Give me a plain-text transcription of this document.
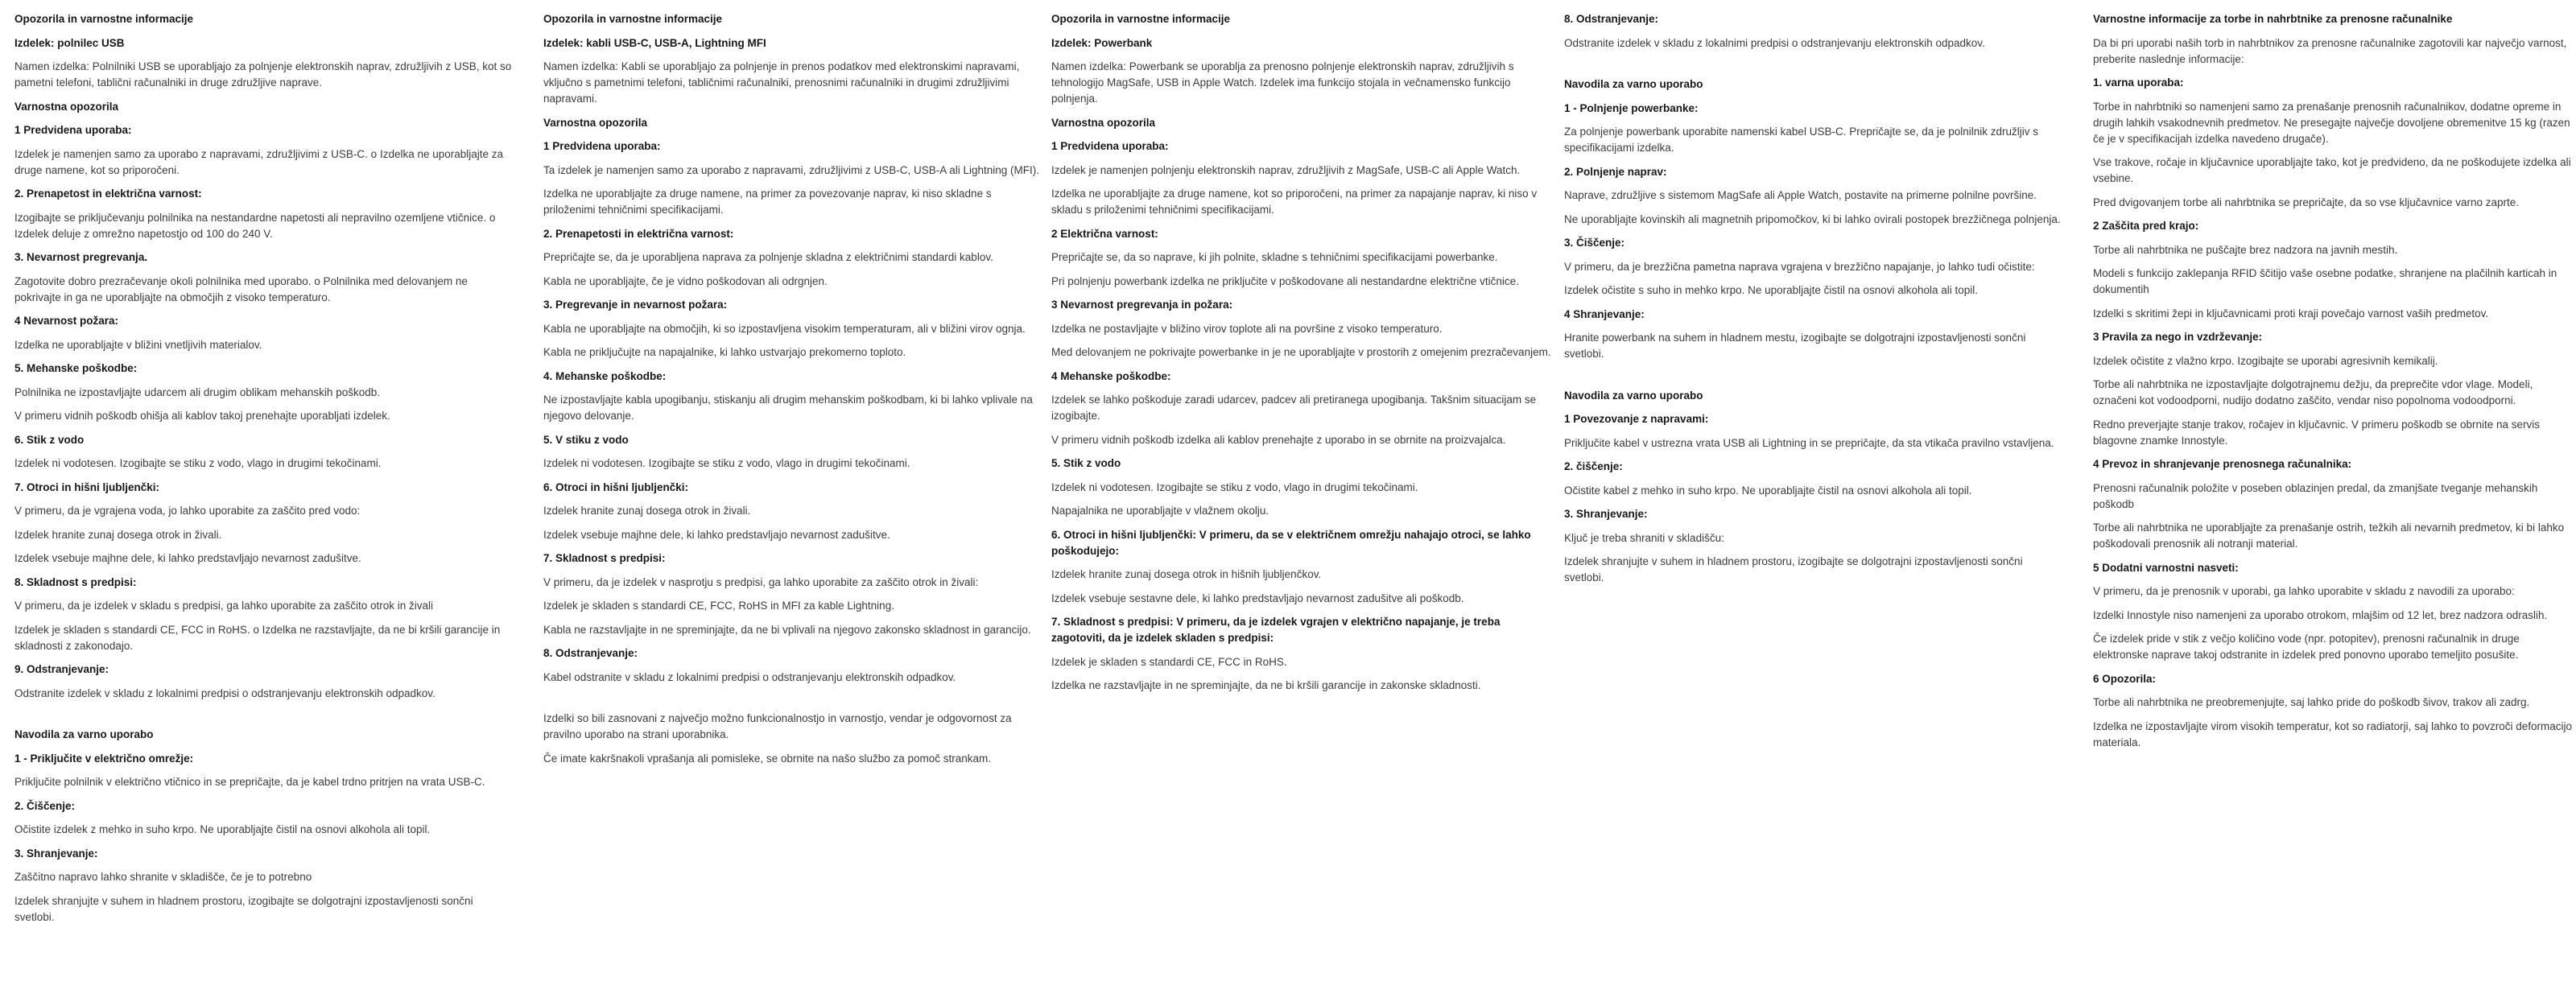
Opozorila in varnostne informacije
Izdelek: polnilec USB
Namen izdelka: Polnilniki USB se uporabljajo za polnjenje elektronskih naprav, združljivih z USB, kot so pametni telefoni, tablični računalniki in druge združljive naprave.
Varnostna opozorila
1 Predvidena uporaba:
Izdelek je namenjen samo za uporabo z napravami, združljivimi z USB-C. o Izdelka ne uporabljajte za druge namene, kot so priporočeni.
2. Prenapetost in električna varnost:
Izogibajte se priključevanju polnilnika na nestandardne napetosti ali nepravilno ozemljene vtičnice. o Izdelek deluje z omrežno napetostjo od 100 do 240 V.
3. Nevarnost pregrevanja.
Zagotovite dobro prezračevanje okoli polnilnika med uporabo. o Polnilnika med delovanjem ne pokrivajte in ga ne uporabljajte na območjih z visoko temperaturo.
4 Nevarnost požara:
Izdelka ne uporabljajte v bližini vnetljivih materialov.
5. Mehanske poškodbe:
Polnilnika ne izpostavljajte udarcem ali drugim oblikam mehanskih poškodb.
V primeru vidnih poškodb ohišja ali kablov takoj prenehajte uporabljati izdelek.
6. Stik z vodo
Izdelek ni vodotesen. Izogibajte se stiku z vodo, vlago in drugimi tekočinami.
7. Otroci in hišni ljubljenčki:
V primeru, da je vgrajena voda, jo lahko uporabite za zaščito pred vodo:
Izdelek hranite zunaj dosega otrok in živali.
Izdelek vsebuje majhne dele, ki lahko predstavljajo nevarnost zadušitve.
8. Skladnost s predpisi:
V primeru, da je izdelek v skladu s predpisi, ga lahko uporabite za zaščito otrok in živali
Izdelek je skladen s standardi CE, FCC in RoHS. o Izdelka ne razstavljajte, da ne bi kršili garancije in skladnosti z zakonodajo.
9. Odstranjevanje:
Odstranite izdelek v skladu z lokalnimi predpisi o odstranjevanju elektronskih odpadkov.
Navodila za varno uporabo
1 - Priključite v električno omrežje:
Priključite polnilnik v električno vtičnico in se prepričajte, da je kabel trdno pritrjen na vrata USB-C.
2. Čiščenje:
Očistite izdelek z mehko in suho krpo. Ne uporabljajte čistil na osnovi alkohola ali topil.
3. Shranjevanje:
Zaščitno napravo lahko shranite v skladišče, če je to potrebno
Izdelek shranjujte v suhem in hladnem prostoru, izogibajte se dolgotrajni izpostavljenosti sončni svetlobi.
Opozorila in varnostne informacije
Izdelek: kabli USB-C, USB-A, Lightning MFI
Namen izdelka: Kabli se uporabljajo za polnjenje in prenos podatkov med elektronskimi napravami, vključno s pametnimi telefoni, tabličnimi računalniki, prenosnimi računalniki in drugimi združljivimi napravami.
Varnostna opozorila
1 Predvidena uporaba:
Ta izdelek je namenjen samo za uporabo z napravami, združljivimi z USB-C, USB-A ali Lightning (MFI).
Izdelka ne uporabljajte za druge namene, na primer za povezovanje naprav, ki niso skladne s priloženimi tehničnimi specifikacijami.
2. Prenapetosti in električna varnost:
Prepričajte se, da je uporabljena naprava za polnjenje skladna z električnimi standardi kablov.
Kabla ne uporabljajte, če je vidno poškodovan ali odrgnjen.
3. Pregrevanje in nevarnost požara:
Kabla ne uporabljajte na območjih, ki so izpostavljena visokim temperaturam, ali v bližini virov ognja.
Kabla ne priključujte na napajalnike, ki lahko ustvarjajo prekomerno toploto.
4. Mehanske poškodbe:
Ne izpostavljajte kabla upogibanju, stiskanju ali drugim mehanskim poškodbam, ki bi lahko vplivale na njegovo delovanje.
5. V stiku z vodo
Izdelek ni vodotesen. Izogibajte se stiku z vodo, vlago in drugimi tekočinami.
6. Otroci in hišni ljubljenčki:
Izdelek hranite zunaj dosega otrok in živali.
Izdelek vsebuje majhne dele, ki lahko predstavljajo nevarnost zadušitve.
7. Skladnost s predpisi:
V primeru, da je izdelek v nasprotju s predpisi, ga lahko uporabite za zaščito otrok in živali:
Izdelek je skladen s standardi CE, FCC, RoHS in MFI za kable Lightning.
Kabla ne razstavljajte in ne spreminjajte, da ne bi vplivali na njegovo zakonsko skladnost in garancijo.
8. Odstranjevanje:
Kabel odstranite v skladu z lokalnimi predpisi o odstranjevanju elektronskih odpadkov.
Izdelki so bili zasnovani z največjo možno funkcionalnostjo in varnostjo, vendar je odgovornost za pravilno uporabo na strani uporabnika.
Če imate kakršnakoli vprašanja ali pomisleke, se obrnite na našo službo za pomoč strankam.
Opozorila in varnostne informacije
Izdelek: Powerbank
Namen izdelka: Powerbank se uporablja za prenosno polnjenje elektronskih naprav, združljivih s tehnologijo MagSafe, USB in Apple Watch. Izdelek ima funkcijo stojala in večnamensko funkcijo polnjenja.
Varnostna opozorila
1 Predvidena uporaba:
Izdelek je namenjen polnjenju elektronskih naprav, združljivih z MagSafe, USB-C ali Apple Watch.
Izdelka ne uporabljajte za druge namene, kot so priporočeni, na primer za napajanje naprav, ki niso v skladu s priloženimi tehničnimi specifikacijami.
2 Električna varnost:
Prepričajte se, da so naprave, ki jih polnite, skladne s tehničnimi specifikacijami powerbanke.
Pri polnjenju powerbank izdelka ne priključite v poškodovane ali nestandardne električne vtičnice.
3 Nevarnost pregrevanja in požara:
Izdelka ne postavljajte v bližino virov toplote ali na površine z visoko temperaturo.
Med delovanjem ne pokrivajte powerbanke in je ne uporabljajte v prostorih z omejenim prezračevanjem.
4 Mehanske poškodbe:
Izdelek se lahko poškoduje zaradi udarcev, padcev ali pretiranega upogibanja. Takšnim situacijam se izogibajte.
V primeru vidnih poškodb izdelka ali kablov prenehajte z uporabo in se obrnite na proizvajalca.
5. Stik z vodo
Izdelek ni vodotesen. Izogibajte se stiku z vodo, vlago in drugimi tekočinami.
Napajalnika ne uporabljajte v vlažnem okolju.
6. Otroci in hišni ljubljenčki: V primeru, da se v električnem omrežju nahajajo otroci, se lahko poškodujejo:
Izdelek hranite zunaj dosega otrok in hišnih ljubljenčkov.
Izdelek vsebuje sestavne dele, ki lahko predstavljajo nevarnost zadušitve ali poškodb.
7. Skladnost s predpisi: V primeru, da je izdelek vgrajen v električno napajanje, je treba zagotoviti, da je izdelek skladen s predpisi:
Izdelek je skladen s standardi CE, FCC in RoHS.
Izdelka ne razstavljajte in ne spreminjajte, da ne bi kršili garancije in zakonske skladnosti.
8. Odstranjevanje:
Odstranite izdelek v skladu z lokalnimi predpisi o odstranjevanju elektronskih odpadkov.
Navodila za varno uporabo
1 - Polnjenje powerbanke:
Za polnjenje powerbank uporabite namenski kabel USB-C. Prepričajte se, da je polnilnik združljiv s specifikacijami izdelka.
2. Polnjenje naprav:
Naprave, združljive s sistemom MagSafe ali Apple Watch, postavite na primerne polnilne površine.
Ne uporabljajte kovinskih ali magnetnih pripomočkov, ki bi lahko ovirali postopek brezžičnega polnjenja.
3. Čiščenje:
V primeru, da je brezžična pametna naprava vgrajena v brezžično napajanje, jo lahko tudi očistite:
Izdelek očistite s suho in mehko krpo. Ne uporabljajte čistil na osnovi alkohola ali topil.
4 Shranjevanje:
Hranite powerbank na suhem in hladnem mestu, izogibajte se dolgotrajni izpostavljenosti sončni svetlobi.
Navodila za varno uporabo
1 Povezovanje z napravami:
Priključite kabel v ustrezna vrata USB ali Lightning in se prepričajte, da sta vtikača pravilno vstavljena.
2. čiščenje:
Očistite kabel z mehko in suho krpo. Ne uporabljajte čistil na osnovi alkohola ali topil.
3. Shranjevanje:
Ključ je treba shraniti v skladišču:
Izdelek shranjujte v suhem in hladnem prostoru, izogibajte se dolgotrajni izpostavljenosti sončni svetlobi.
Varnostne informacije za torbe in nahrbtnike za prenosne računalnike
Da bi pri uporabi naših torb in nahrbtnikov za prenosne računalnike zagotovili kar največjo varnost, preberite naslednje informacije:
1. varna uporaba:
Torbe in nahrbtniki so namenjeni samo za prenašanje prenosnih računalnikov, dodatne opreme in drugih lahkih vsakodnevnih predmetov. Ne presegajte največje dovoljene obremenitve 15 kg (razen če je v specifikacijah izdelka navedeno drugače).
Vse trakove, ročaje in ključavnice uporabljajte tako, kot je predvideno, da ne poškodujete izdelka ali vsebine.
Pred dvigovanjem torbe ali nahrbtnika se prepričajte, da so vse ključavnice varno zaprte.
2 Zaščita pred krajo:
Torbe ali nahrbtnika ne puščajte brez nadzora na javnih mestih.
Modeli s funkcijo zaklepanja RFID ščitijo vaše osebne podatke, shranjene na plačilnih karticah in dokumentih
Izdelki s skritimi žepi in ključavnicami proti kraji povečajo varnost vaših predmetov.
3 Pravila za nego in vzdrževanje:
Izdelek očistite z vlažno krpo. Izogibajte se uporabi agresivnih kemikalij.
Torbe ali nahrbtnika ne izpostavljajte dolgotrajnemu dežju, da preprečite vdor vlage. Modeli, označeni kot vodoodporni, nudijo dodatno zaščito, vendar niso popolnoma vodoodporni.
Redno preverjajte stanje trakov, ročajev in ključavnic. V primeru poškodb se obrnite na servis blagovne znamke Innostyle.
4 Prevoz in shranjevanje prenosnega računalnika:
Prenosni računalnik položite v poseben oblazinjen predal, da zmanjšate tveganje mehanskih poškodb
Torbe ali nahrbtnika ne uporabljajte za prenašanje ostrih, težkih ali nevarnih predmetov, ki bi lahko poškodovali prenosnik ali notranji material.
5 Dodatni varnostni nasveti:
V primeru, da je prenosnik v uporabi, ga lahko uporabite v skladu z navodili za uporabo:
Izdelki Innostyle niso namenjeni za uporabo otrokom, mlajšim od 12 let, brez nadzora odraslih.
Če izdelek pride v stik z večjo količino vode (npr. potopitev), prenosni računalnik in druge elektronske naprave takoj odstranite in izdelek pred ponovno uporabo temeljito posušite.
6 Opozorila:
Torbe ali nahrbtnika ne preobremenjujte, saj lahko pride do poškodb šivov, trakov ali zadrg.
Izdelka ne izpostavljajte virom visokih temperatur, kot so radiatorji, saj lahko to povzroči deformacijo materiala.
